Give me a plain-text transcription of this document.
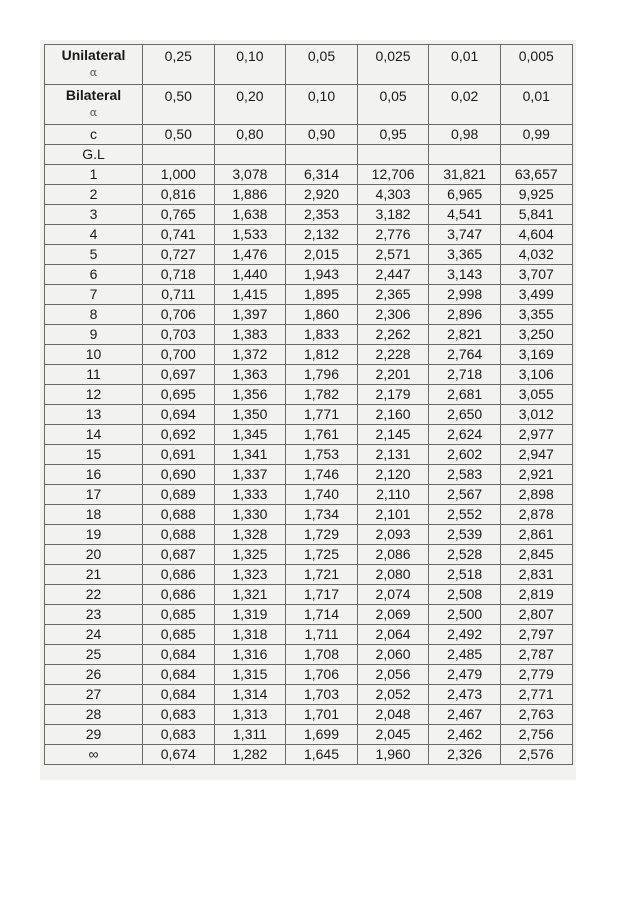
Unilateral
α	0,25	0,10	0,05	0,025	0,01	0,005

Bilateral
α	0,50	0,20	0,10	0,05	0,02	0,01
c	0,50	0,80	0,90	0,95	0,98	0,99
G.L						
1	1,000	3,078	6,314	12,706	31,821	63,657
2	0,816	1,886	2,920	4,303	6,965	9,925
3	0,765	1,638	2,353	3,182	4,541	5,841
4	0,741	1,533	2,132	2,776	3,747	4,604
5	0,727	1,476	2,015	2,571	3,365	4,032
6	0,718	1,440	1,943	2,447	3,143	3,707
7	0,711	1,415	1,895	2,365	2,998	3,499
8	0,706	1,397	1,860	2,306	2,896	3,355
9	0,703	1,383	1,833	2,262	2,821	3,250
10	0,700	1,372	1,812	2,228	2,764	3,169
11	0,697	1,363	1,796	2,201	2,718	3,106
12	0,695	1,356	1,782	2,179	2,681	3,055
13	0,694	1,350	1,771	2,160	2,650	3,012
14	0,692	1,345	1,761	2,145	2,624	2,977
15	0,691	1,341	1,753	2,131	2,602	2,947
16	0,690	1,337	1,746	2,120	2,583	2,921
17	0,689	1,333	1,740	2,110	2,567	2,898
18	0,688	1,330	1,734	2,101	2,552	2,878
19	0,688	1,328	1,729	2,093	2,539	2,861
20	0,687	1,325	1,725	2,086	2,528	2,845
21	0,686	1,323	1,721	2,080	2,518	2,831
22	0,686	1,321	1,717	2,074	2,508	2,819
23	0,685	1,319	1,714	2,069	2,500	2,807
24	0,685	1,318	1,711	2,064	2,492	2,797
25	0,684	1,316	1,708	2,060	2,485	2,787
26	0,684	1,315	1,706	2,056	2,479	2,779
27	0,684	1,314	1,703	2,052	2,473	2,771
28	0,683	1,313	1,701	2,048	2,467	2,763
29	0,683	1,311	1,699	2,045	2,462	2,756
∞	0,674	1,282	1,645	1,960	2,326	2,576
